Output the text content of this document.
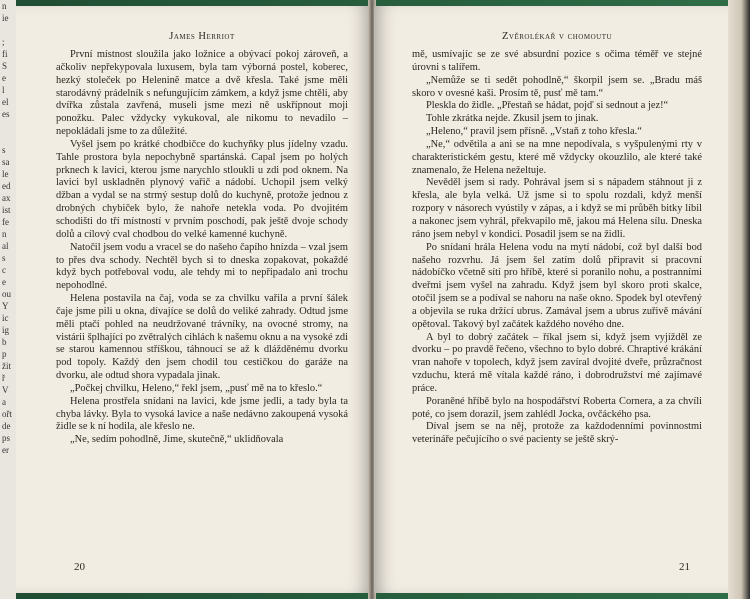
n
ie

;
fi
S
e
l
el
es

s
sa
le
ed
ax
ist
fe
n
al
s
c
e
ou
Y
ic
ig
b
p
žit
ř
V
a
ořt
de
ps
er
James Herriot

První místnost sloužila jako ložnice a obývací pokoj zároveň, a ačkoliv nepřekypovala luxusem, byla tam výborná postel, koberec, hezký stoleček po Heleninĕ matce a dvě křesla. Také jsme měli starodávný prádelník s nefungujícím zámkem, a když jsme chtěli, aby dvířka zůstala zavřená, museli jsme mezi ně uskřípnout moji ponožku. Palec vždycky vykukoval, ale nikomu to nevadilo – nepokládali jsme to za důležité.

Vyšel jsem po krátké chodbičce do kuchyňky plus jídelny vzadu. Tahle prostora byla nepochybně spartánská. Capal jsem po holých prknech k lavici, kterou jsme narychlo stloukli u zdi pod oknem. Na lavici byl uskladněn plynový vařič a nádobí. Uchopil jsem velký džban a vydal se na strmý sestup dolů do kuchyně, protože jednou z drobných chybiček bylo, že nahoře netekla voda. Po dvojitém schodišti do tří místností v prvním poschodí, pak ještě dvoje schody dolů a cílový cval chodbou do velké kamenné kuchyně.

Natočil jsem vodu a vracel se do našeho čapího hnízda – vzal jsem to přes dva schody. Nechtěl bych si to dneska zopakovat, pokaždé když bych potřeboval vodu, ale tehdy mi to nepřipadalo ani trochu nepohodlné.

Helena postavila na čaj, voda se za chvilku vařila a první šálek čaje jsme pili u okna, dívajíce se dolů do veliké zahrady. Odtud jsme měli ptačí pohled na neudržované trávníky, na ovocné stromy, na vistárii šplhající po zvětralých cihlách k našemu oknu a na vysoké zdi se starou kamennou stříškou, táhnoucí se až k dlážděnému dvorku pod topoly. Každý den jsem chodil tou cestičkou do garáže na dvorku, ale odtud shora vypadala jinak.

„Počkej chvilku, Heleno,“ řekl jsem, „pusť mě na to křeslo.“

Helena prostřela snídani na lavici, kde jsme jedli, a tady byla ta chyba lávky. Byla to vysoká lavice a naše nedávno zakoupená vysoká židle se k ní hodila, ale křeslo ne.

„Ne, sedím pohodlně, Jime, skutečně,“ uklidňovala

20
Zvěrolékař v chomoutu

mě, usmívajíc se ze své absurdní pozice s očima téměř ve stejné úrovni s talířem.

„Nemůže se ti sedět pohodlně,“ škorpil jsem se. „Bradu máš skoro v ovesné kaši. Prosím tě, pusť mě tam.“

Pleskla do židle. „Přestaň se hádat, pojď si sednout a jez!“

Tohle zkrátka nejde. Zkusil jsem to jinak.

„Heleno,“ pravil jsem přísně. „Vstaň z toho křesla.“

„Ne,“ odvětila a ani se na mne nepodívala, s vyšpulenými rty v charakteristickém gestu, které mě vždycky okouzlilo, ale které také znamenalo, že Helena neželtuje.

Nevěděl jsem si rady. Pohrával jsem si s nápadem stáhnout ji z křesla, ale byla velká. Už jsme si to spolu rozdali, když menší rozpory v násorech vyústily v zápas, a i když se mi průběh bitky líbil a nakonec jsem vyhrál, překvapilo mě, jakou má Helena sílu. Dneska ráno jsem nebyl v kondici. Posadil jsem se na židli.

Po snídani hrála Helena vodu na mytí nádobí, což byl další bod našeho rozvrhu. Já jsem šel zatím dolů připravit si pracovní nádobíčko včetně sítí pro hříbě, které si poranilo nohu, a postranními dveřmi jsem vyšel na zahradu. Když jsem byl skoro proti skalce, otočil jsem se a podíval se nahoru na naše okno. Spodek byl otevřený a objevila se ruka držící ubrus. Zamával jsem a ubrus zuřivě mávání opětoval. Takový byl začátek každého nového dne.

A byl to dobrý začátek – říkal jsem si, když jsem vyjížděl ze dvorku – po pravdě řečeno, všechno to bylo dobré. Chraptivé krákání vran nahoře v topolech, když jsem zavíral dvojité dveře, průzračnost vzduchu, která mě vítala každé ráno, i dobrodružství mé zajímavé práce.

Poraněné hříbě bylo na hospodářství Roberta Cornera, a za chvíli poté, co jsem dorazil, jsem zahlédl Jocka, ovčáckého psa.

Díval jsem se na něj, protože za každodenními povinnostmi veterináře pečujícího o své pacienty se ještě skrý-

21
